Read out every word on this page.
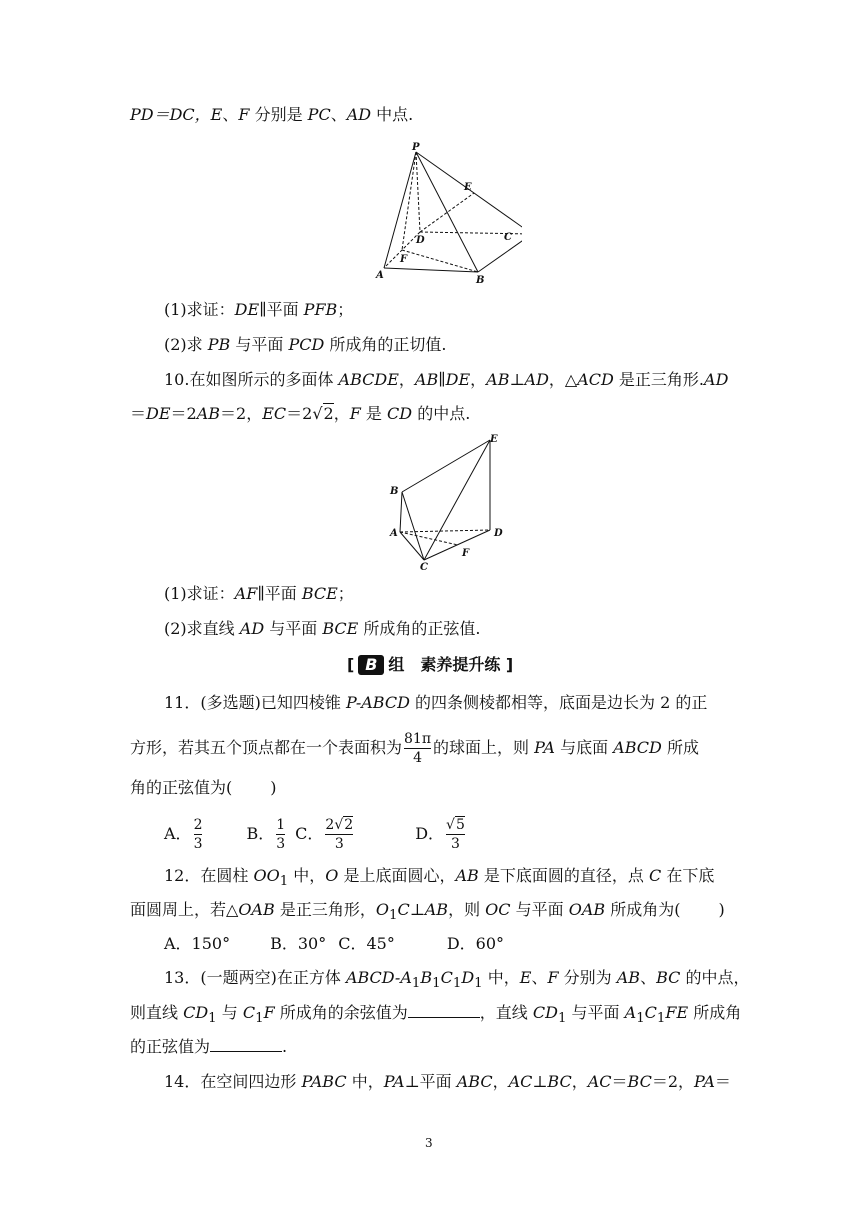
PD＝DC，E、F 分别是 PC、AD 中点.
P
E
D	C
F
A	B
(1)求证：DE∥平面 PFB；
(2)求 PB 与平面 PCD 所成角的正切值.
10.在如图所示的多面体 ABCDE，AB∥DE，AB⊥AD，△ACD 是正三角形.AD
＝DE＝2AB＝2，EC＝2√2，F 是 CD 的中点.
E
B
A	D
F
C
(1)求证：AF∥平面 BCE；
(2)求直线 AD 与平面 BCE 所成角的正弦值.
[ B 组　素养提升练 ]
11．(多选题)已知四棱锥 P-ABCD 的四条侧棱都相等，底面是边长为 2 的正
方形，若其五个顶点都在一个表面积为 $\frac{81\pi}{4}$ 的球面上，则 PA 与底面 ABCD 所成
角的正弦值为( )
A． $\frac{2}{3}$	B． $\frac{1}{3}$ C． $\frac{2√2}{3}$	D． $\frac{√5}{3}$
12．在圆柱 $OO_1$ 中，O 是上底面圆心，AB 是下底面圆的直径，点 C 在下底
面圆周上，若△OAB 是正三角形，$O_1C\perp AB$，则 OC 与平面 OAB 所成角为( )
A．150°	B．30° C．45°	D．60°
13．(一题两空)在正方体 ABCD-$A_1B_1C_1D_1$ 中，E、F 分别为 AB、BC 的中点，
则直线 $CD_1$ 与 $C_1F$ 所成角的余弦值为	，直线 $CD_1$ 与平面 $A_1C_1FE$ 所成角
的正弦值为	.
14．在空间四边形 PABC 中，PA⊥平面 ABC，AC⊥BC，AC＝BC＝2，PA＝
3
